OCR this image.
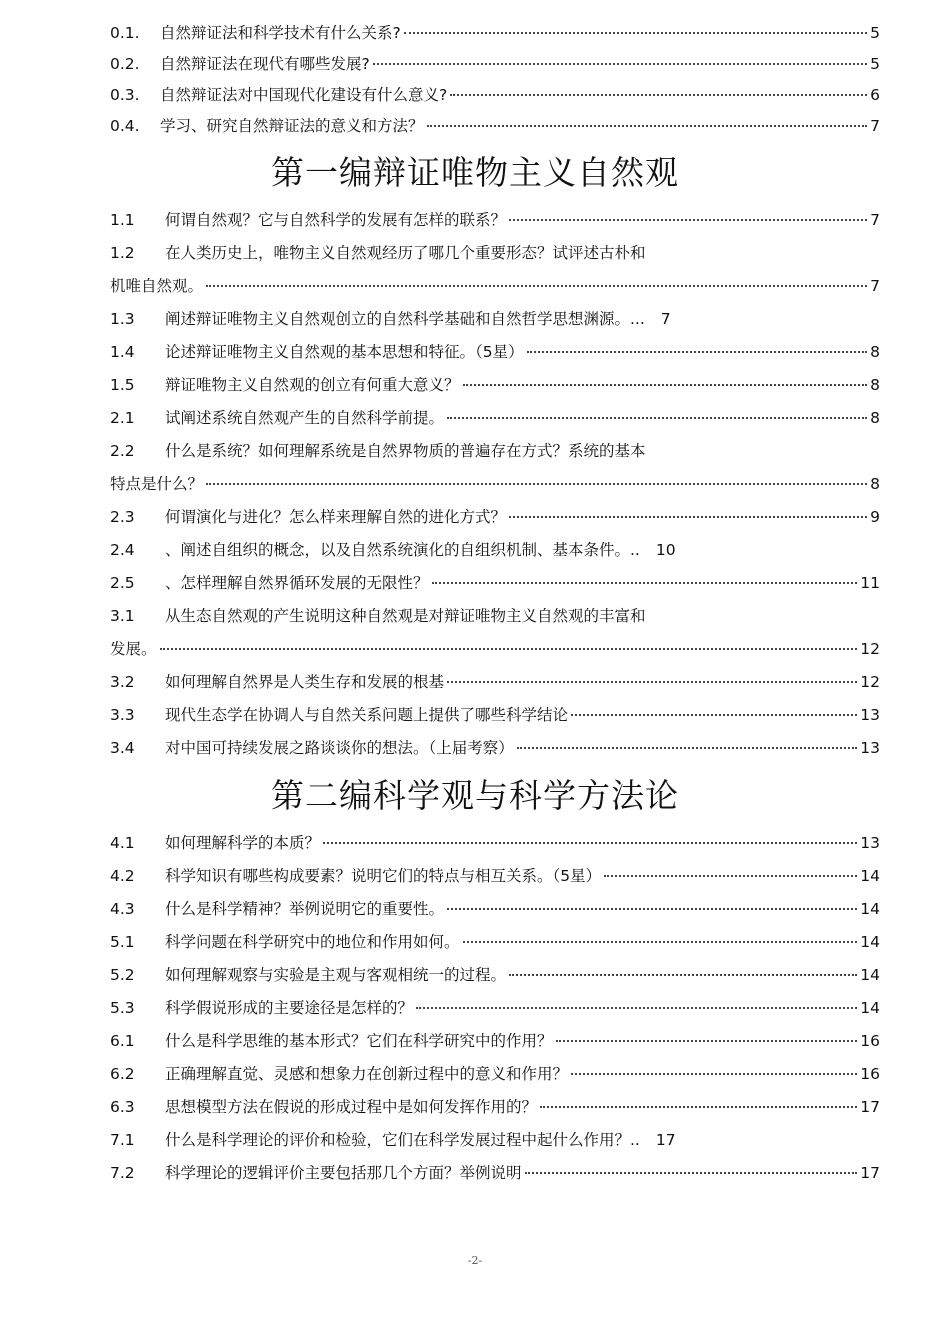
0.1.	自然辩证法和科学技术有什么关系?	5
0.2.	自然辩证法在现代有哪些发展?	5
0.3.	自然辩证法对中国现代化建设有什么意义?	6
0.4.	学习、研究自然辩证法的意义和方法？	7
第一编辩证唯物主义自然观
1.1	何谓自然观？它与自然科学的发展有怎样的联系？	7
1.2	在人类历史上，唯物主义自然观经历了哪几个重要形态？试评述古朴和
机唯自然观。	7
1.3	阐述辩证唯物主义自然观创立的自然科学基础和自然哲学思想渊源。... 7
1.4	论述辩证唯物主义自然观的基本思想和特征。（5星）	8
1.5	辩证唯物主义自然观的创立有何重大意义？	8
2.1	试阐述系统自然观产生的自然科学前提。	8
2.2	什么是系统？如何理解系统是自然界物质的普遍存在方式？系统的基本
特点是什么？	8
2.3	何谓演化与进化？怎么样来理解自然的进化方式？	9
2.4	、阐述自组织的概念，以及自然系统演化的自组织机制、基本条件。.. 10
2.5	、怎样理解自然界循环发展的无限性？	11
3.1	从生态自然观的产生说明这种自然观是对辩证唯物主义自然观的丰富和
发展。	12
3.2	如何理解自然界是人类生存和发展的根基	12
3.3	现代生态学在协调人与自然关系问题上提供了哪些科学结论	13
3.4	对中国可持续发展之路谈谈你的想法。（上届考察）	13
第二编科学观与科学方法论
4.1	如何理解科学的本质？	13
4.2	科学知识有哪些构成要素？说明它们的特点与相互关系。（5星）	14
4.3	什么是科学精神？举例说明它的重要性。	14
5.1	科学问题在科学研究中的地位和作用如何。	14
5.2	如何理解观察与实验是主观与客观相统一的过程。	14
5.3	科学假说形成的主要途径是怎样的？	14
6.1	什么是科学思维的基本形式？它们在科学研究中的作用？	16
6.2	正确理解直觉、灵感和想象力在创新过程中的意义和作用？	16
6.3	思想模型方法在假说的形成过程中是如何发挥作用的？	17
7.1	什么是科学理论的评价和检验，它们在科学发展过程中起什么作用？.. 17
7.2	科学理论的逻辑评价主要包括那几个方面？举例说明	17
-2-
